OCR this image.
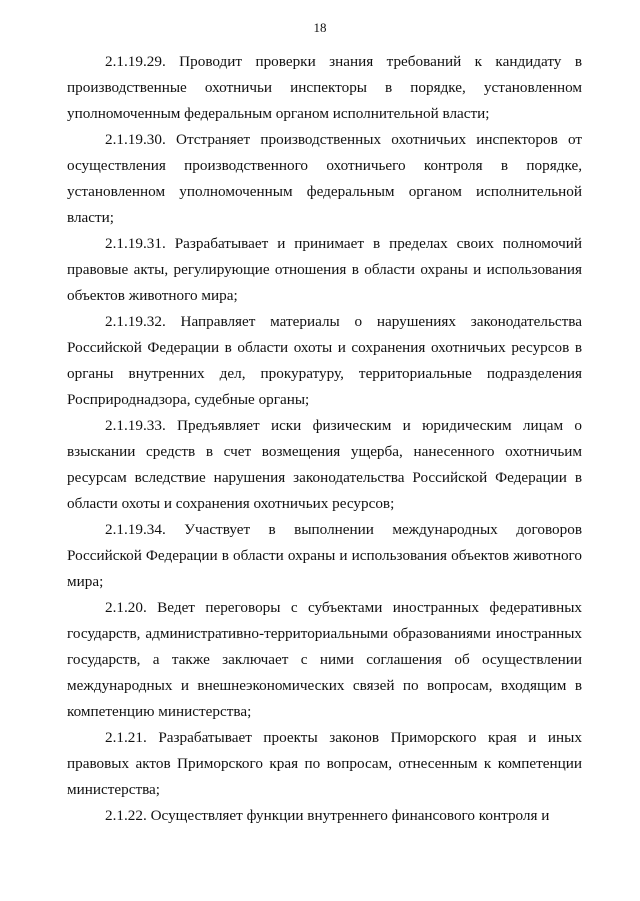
18

2.1.19.29. Проводит проверки знания требований к кандидату в производственные охотничьи инспекторы в порядке, установленном уполномоченным федеральным органом исполнительной власти;

2.1.19.30. Отстраняет производственных охотничьих инспекторов от осуществления производственного охотничьего контроля в порядке, установленном уполномоченным федеральным органом исполнительной власти;

2.1.19.31. Разрабатывает и принимает в пределах своих полномочий правовые акты, регулирующие отношения в области охраны и использования объектов животного мира;

2.1.19.32. Направляет материалы о нарушениях законодательства Российской Федерации в области охоты и сохранения охотничьих ресурсов в органы внутренних дел, прокуратуру, территориальные подразделения Росприроднадзора, судебные органы;

2.1.19.33. Предъявляет иски физическим и юридическим лицам о взыскании средств в счет возмещения ущерба, нанесенного охотничьим ресурсам вследствие нарушения законодательства Российской Федерации в области охоты и сохранения охотничьих ресурсов;

2.1.19.34. Участвует в выполнении международных договоров Российской Федерации в области охраны и использования объектов животного мира;

2.1.20. Ведет переговоры с субъектами иностранных федеративных государств, административно-территориальными образованиями иностранных государств, а также заключает с ними соглашения об осуществлении международных и внешнеэкономических связей по вопросам, входящим в компетенцию министерства;

2.1.21. Разрабатывает проекты законов Приморского края и иных правовых актов Приморского края по вопросам, отнесенным к компетенции министерства;

2.1.22. Осуществляет функции внутреннего финансового контроля и
